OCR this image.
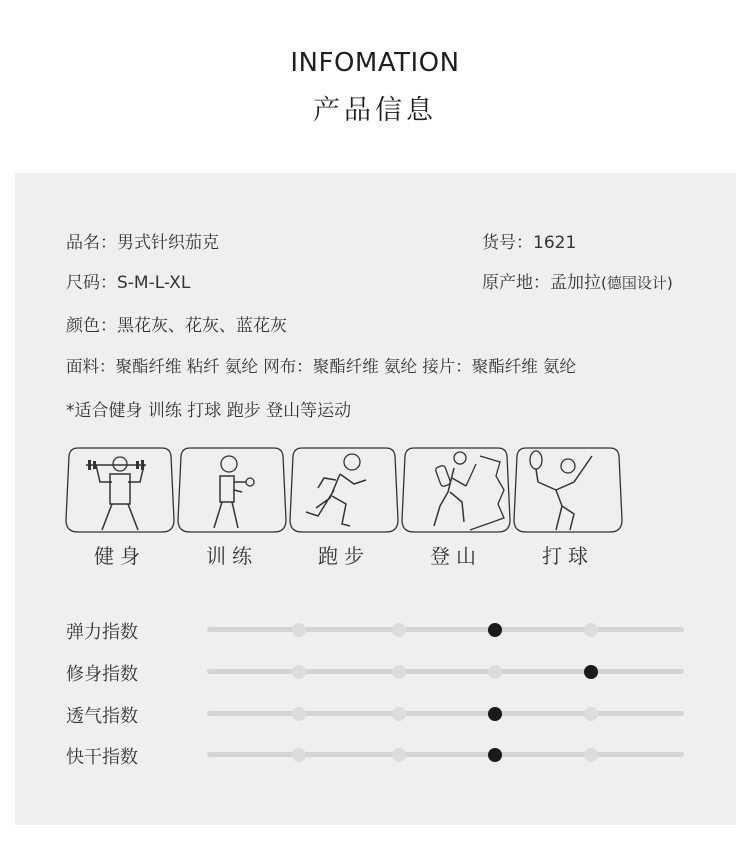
INFOMATION
产品信息
品名：男式针织茄克	货号：1621
尺码：S-M-L-XL	原产地：孟加拉(德国设计)
颜色：黑花灰、花灰、蓝花灰
面料：聚酯纤维 粘纤 氨纶 网布：聚酯纤维 氨纶 接片：聚酯纤维 氨纶
*适合健身 训练 打球 跑步 登山等运动
健身	训练	跑步	登山	打球
弹力指数
修身指数
透气指数
快干指数
